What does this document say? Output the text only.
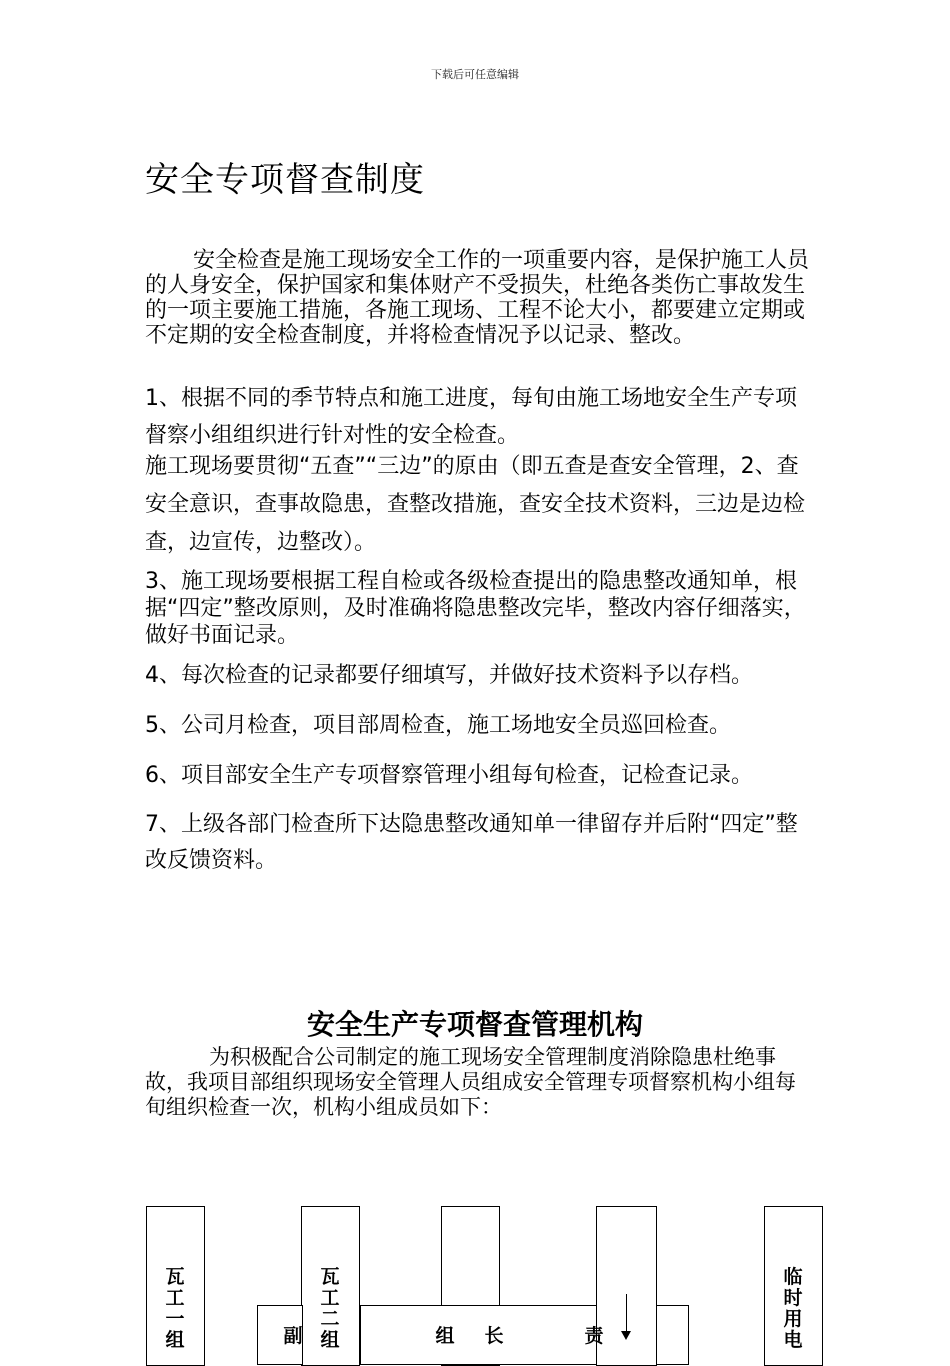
下载后可任意编辑
安全专项督查制度
安全检查是施工现场安全工作的一项重要内容，是保护施工人员的人身安全，保护国家和集体财产不受损失，杜绝各类伤亡事故发生的一项主要施工措施，各施工现场、工程不论大小，都要建立定期或不定期的安全检查制度，并将检查情况予以记录、整改。

1、根据不同的季节特点和施工进度，每旬由施工场地安全生产专项督察小组组织进行针对性的安全检查。

施工现场要贯彻“五查”“三边”的原由（即五查是查安全管理，2、查安全意识，查事故隐患，查整改措施，查安全技术资料，三边是边检查，边宣传，边整改）。

3、施工现场要根据工程自检或各级检查提出的隐患整改通知单，根据“四定”整改原则，及时准确将隐患整改完毕，整改内容仔细落实，做好书面记录。

4、每次检查的记录都要仔细填写，并做好技术资料予以存档。

5、公司月检查，项目部周检查，施工场地安全员巡回检查。

6、项目部安全生产专项督察管理小组每旬检查，记检查记录。

7、上级各部门检查所下达隐患整改通知单一律留存并后附“四定”整改反馈资料。

安全生产专项督查管理机构
为积极配合公司制定的施工现场安全管理制度消除隐患杜绝事故，我项目部组织现场安全管理人员组成安全管理专项督察机构小组每旬组织检查一次，机构小组成员如下：
瓦工一组
瓦工二组
临时用电
副	组 长	责
